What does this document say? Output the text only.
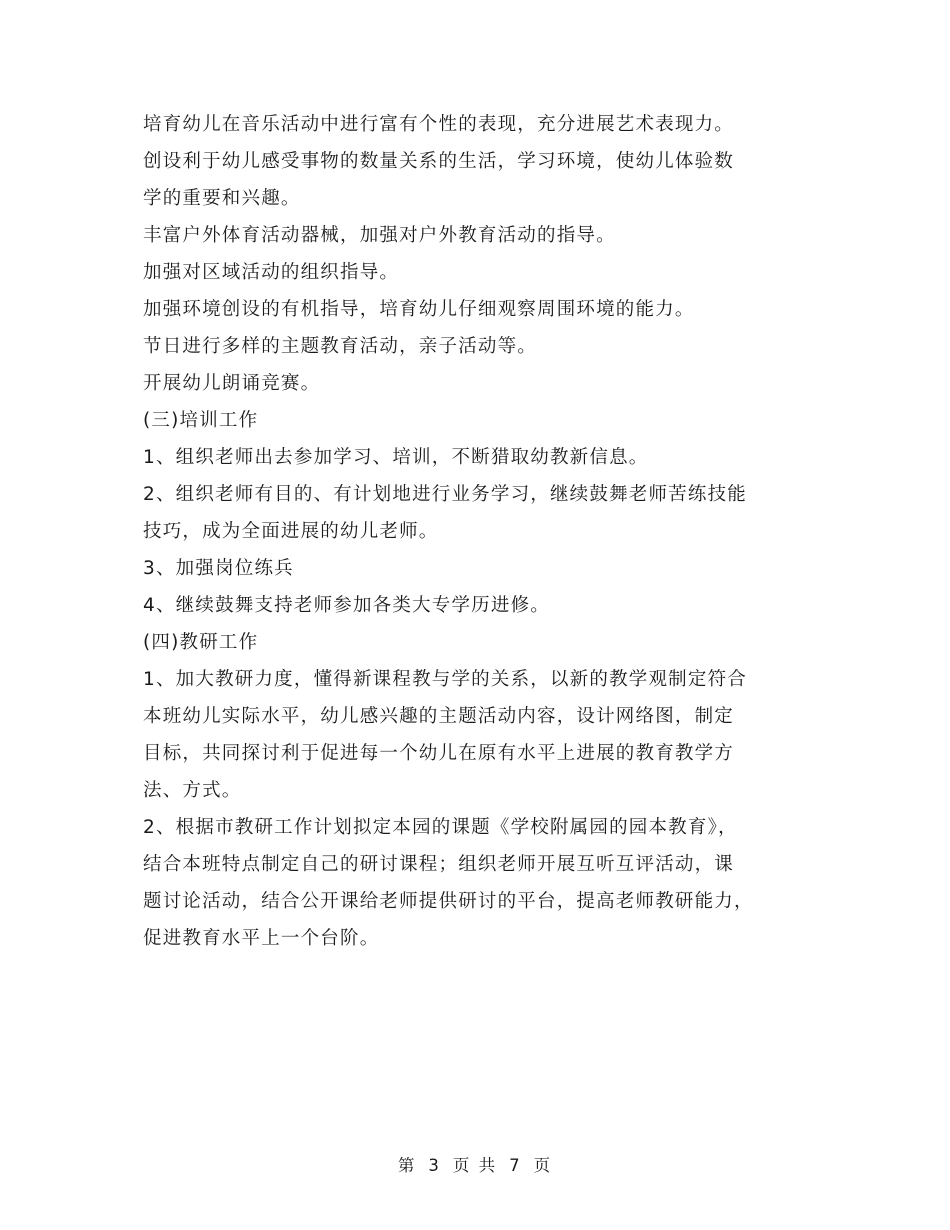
培育幼儿在音乐活动中进行富有个性的表现，充分进展艺术表现力。
创设利于幼儿感受事物的数量关系的生活，学习环境，使幼儿体验数
学的重要和兴趣。
丰富户外体育活动器械，加强对户外教育活动的指导。
加强对区域活动的组织指导。
加强环境创设的有机指导，培育幼儿仔细观察周围环境的能力。
节日进行多样的主题教育活动，亲子活动等。
开展幼儿朗诵竞赛。
(三)培训工作
1、组织老师出去参加学习、培训，不断猎取幼教新信息。
2、组织老师有目的、有计划地进行业务学习，继续鼓舞老师苦练技能
技巧，成为全面进展的幼儿老师。
3、加强岗位练兵
4、继续鼓舞支持老师参加各类大专学历进修。
(四)教研工作
1、加大教研力度，懂得新课程教与学的关系，以新的教学观制定符合
本班幼儿实际水平，幼儿感兴趣的主题活动内容，设计网络图，制定
目标，共同探讨利于促进每一个幼儿在原有水平上进展的教育教学方
法、方式。
2、根据市教研工作计划拟定本园的课题《学校附属园的园本教育》，
结合本班特点制定自己的研讨课程；组织老师开展互听互评活动，课
题讨论活动，结合公开课给老师提供研讨的平台，提高老师教研能力，
促进教育水平上一个台阶。
第 3 页 共 7 页
